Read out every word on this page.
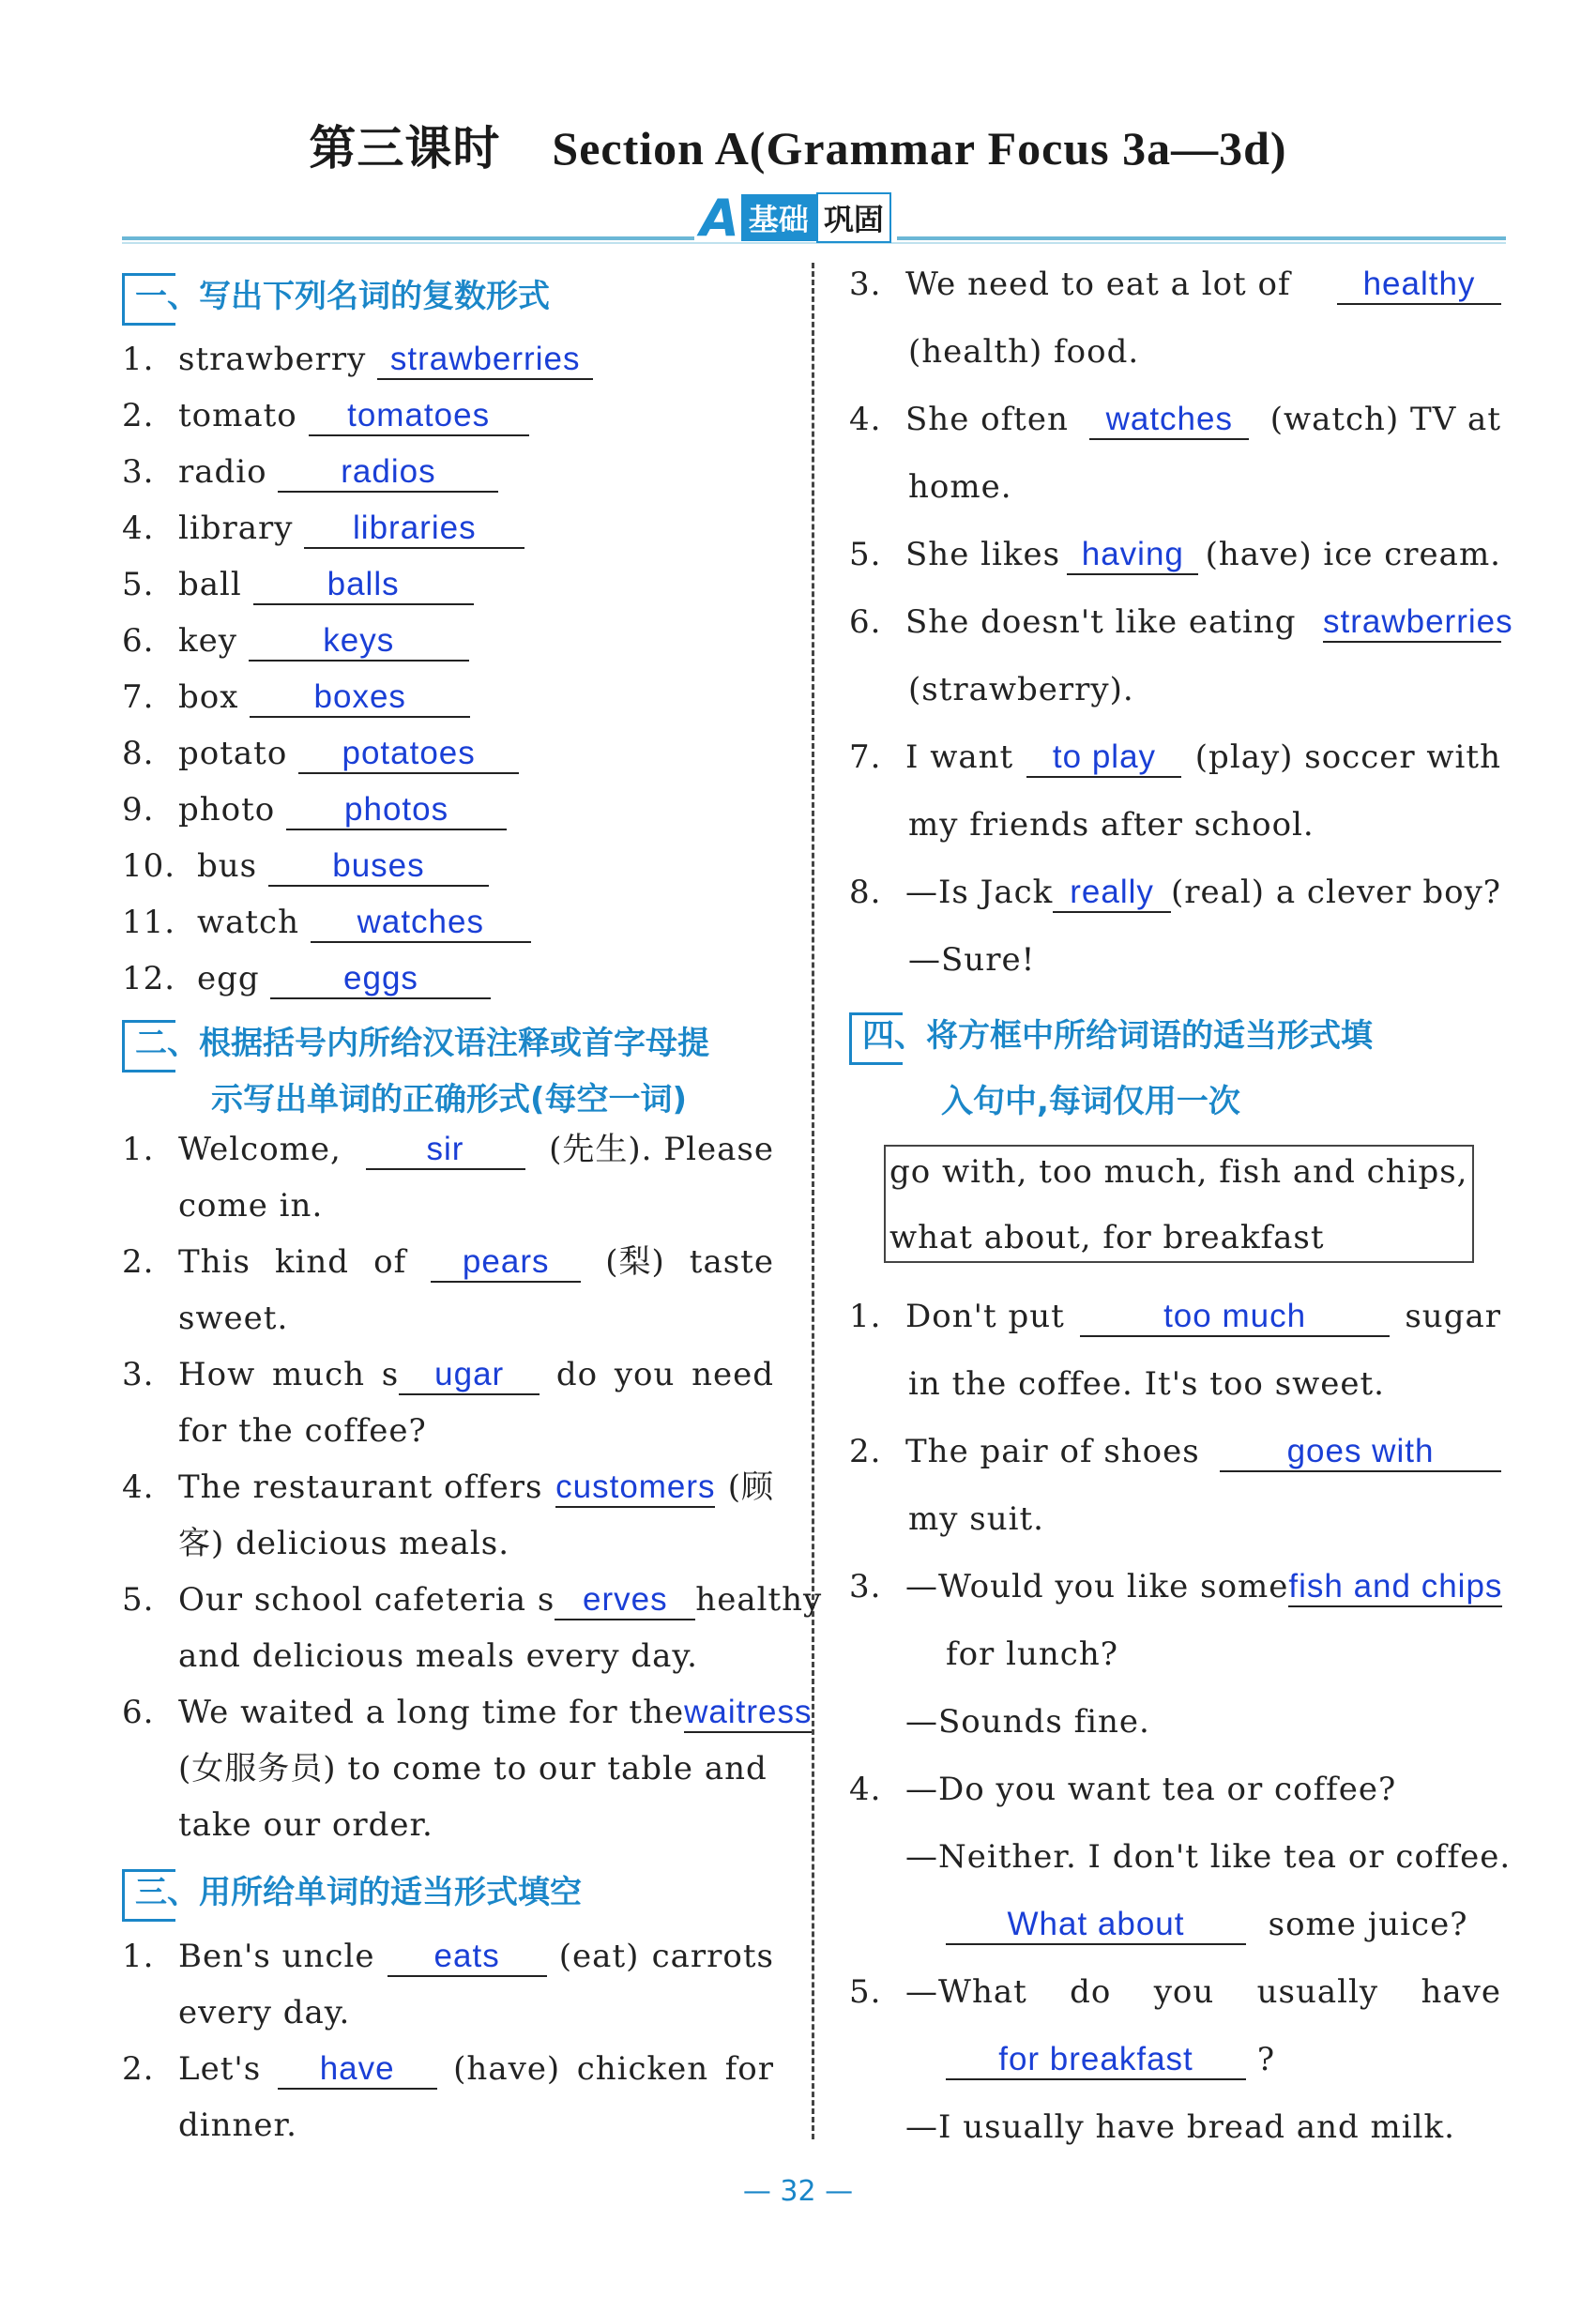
第三课时 Section A(Grammar Focus 3a—3d)
A 基础 巩固
一、写出下列名词的复数形式
1. strawberry strawberries
2. tomato tomatoes
3. radio radios
4. library libraries
5. ball	balls
6. key	keys
7. box boxes
8. potato potatoes
9. photo photos
10. bus buses
11. watch watches
12. egg	eggs
二、根据括号内所给汉语注释或首字母提
示写出单词的正确形式(每空一词)
1. Welcome,	sir	(先生). Please
come in.
2. This kind of	pears	(梨) taste
sweet.
3. How much s ugar	do you need
for the coffee?
4. The restaurant offers customers (顾
客) delicious meals.
5. Our school cafeteria s erves healthy
and delicious meals every day.
6. We waited a long time for the waitress
(女服务员) to come to our table and
take our order.
三、用所给单词的适当形式填空
1. Ben's uncle	eats	(eat) carrots
every day.
2. Let's	have	(have) chicken for
dinner.
3. We need to eat a lot of	healthy
(health) food.
4. She often	watches	(watch) TV at
home.
5. She likes having (have) ice cream.
6. She doesn't like eating strawberries
(strawberry).
7. I want	to play	(play) soccer with
my friends after school.
8. —Is Jack really (real) a clever boy?
—Sure!
四、将方框中所给词语的适当形式填
入句中,每词仅用一次
go with, too much, fish and chips,
what about, for breakfast
1. Don't put	too much	sugar
in the coffee. It's too sweet.
2. The pair of shoes	goes with
my suit.
3. —Would you like some fish and chips
for lunch?
—Sounds fine.
4. —Do you want tea or coffee?
—Neither. I don't like tea or coffee.
What about	some juice?
5. —What do you usually have
for breakfast ?
—I usually have bread and milk.
— 32 —
